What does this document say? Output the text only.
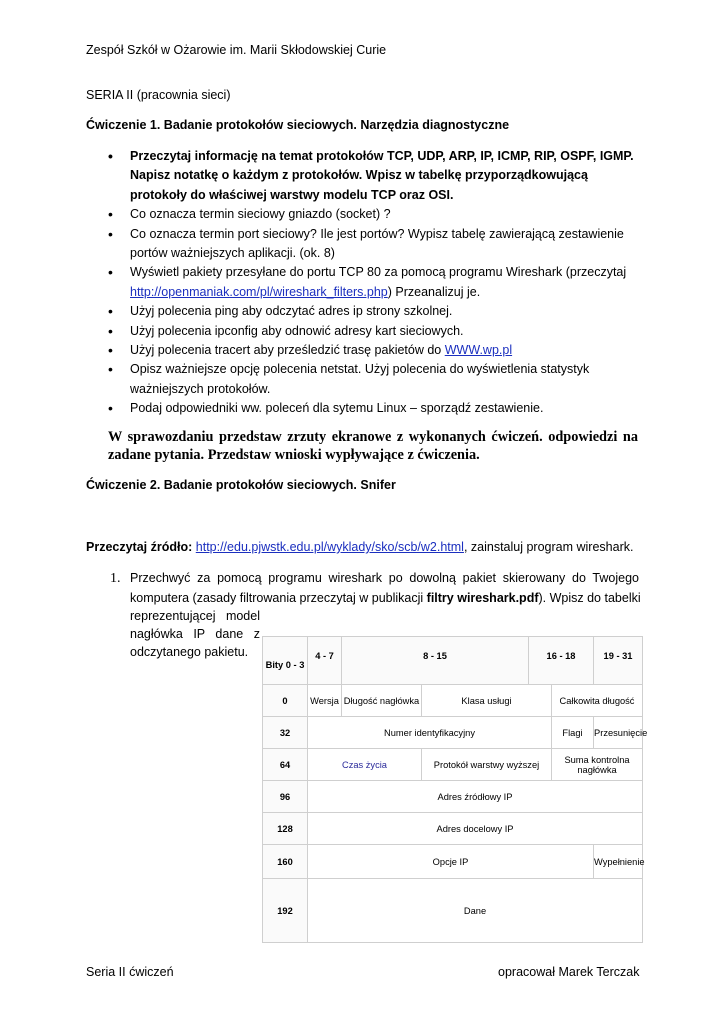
Zespół Szkół w Ożarowie im. Marii Skłodowskiej Curie
SERIA II (pracownia sieci)
Ćwiczenie 1. Badanie protokołów sieciowych. Narzędzia diagnostyczne
• Przeczytaj informację na temat protokołów TCP, UDP, ARP, IP, ICMP, RIP, OSPF, IGMP. Napisz notatkę o każdym z protokołów. Wpisz w tabelkę przyporządkowującą protokoły do właściwej warstwy modelu TCP oraz OSI.
• Co oznacza termin sieciowy gniazdo (socket) ?
• Co oznacza termin port sieciowy? Ile jest portów? Wypisz tabelę zawierającą zestawienie portów ważniejszych aplikacji. (ok. 8)
• Wyświetl pakiety przesyłane do portu TCP 80 za pomocą programu Wireshark (przeczytaj http://openmaniak.com/pl/wireshark_filters.php) Przeanalizuj je.
• Użyj polecenia ping aby odczytać adres ip strony szkolnej.
• Użyj polecenia ipconfig aby odnowić adresy kart sieciowych.
• Użyj polecenia tracert aby prześledzić trasę pakietów do WWW.wp.pl
• Opisz ważniejsze opcję polecenia netstat. Użyj polecenia do wyświetlenia statystyk ważniejszych protokołów.
• Podaj odpowiedniki ww. poleceń dla sytemu Linux – sporządź zestawienie.
W sprawozdaniu przedstaw zrzuty ekranowe z wykonanych ćwiczeń. odpowiedzi na zadane pytania. Przedstaw wnioski wypływające z ćwiczenia.
Ćwiczenie 2. Badanie protokołów sieciowych. Snifer
Przeczytaj źródło: http://edu.pjwstk.edu.pl/wyklady/sko/scb/w2.html, zainstaluj program wireshark.
1. Przechwyć za pomocą programu wireshark po dowolną pakiet skierowany do Twojego
komputera (zasady filtrowania przeczytaj w publikacji filtry wireshark.pdf). Wpisz do tabelki
reprezentującej model
nagłówka IP dane z
odczytanego pakietu.
Bity 0 - 3	4 - 7	8 - 15		16 - 18		19 - 31
0	Wersja	Długość nagłówka	Klasa usługi		Całkowita długość	
32	Numer identyfikacyjny				Flagi	Przesunięcie
64	Czas życia		Protokół warstwy wyższej		Suma kontrolna nagłówka	
96	Adres źródłowy IP					
128	Adres docelowy IP					
160	Opcje IP					Wypełnienie
192	Dane					
Seria II ćwiczeń	opracował Marek Terczak
